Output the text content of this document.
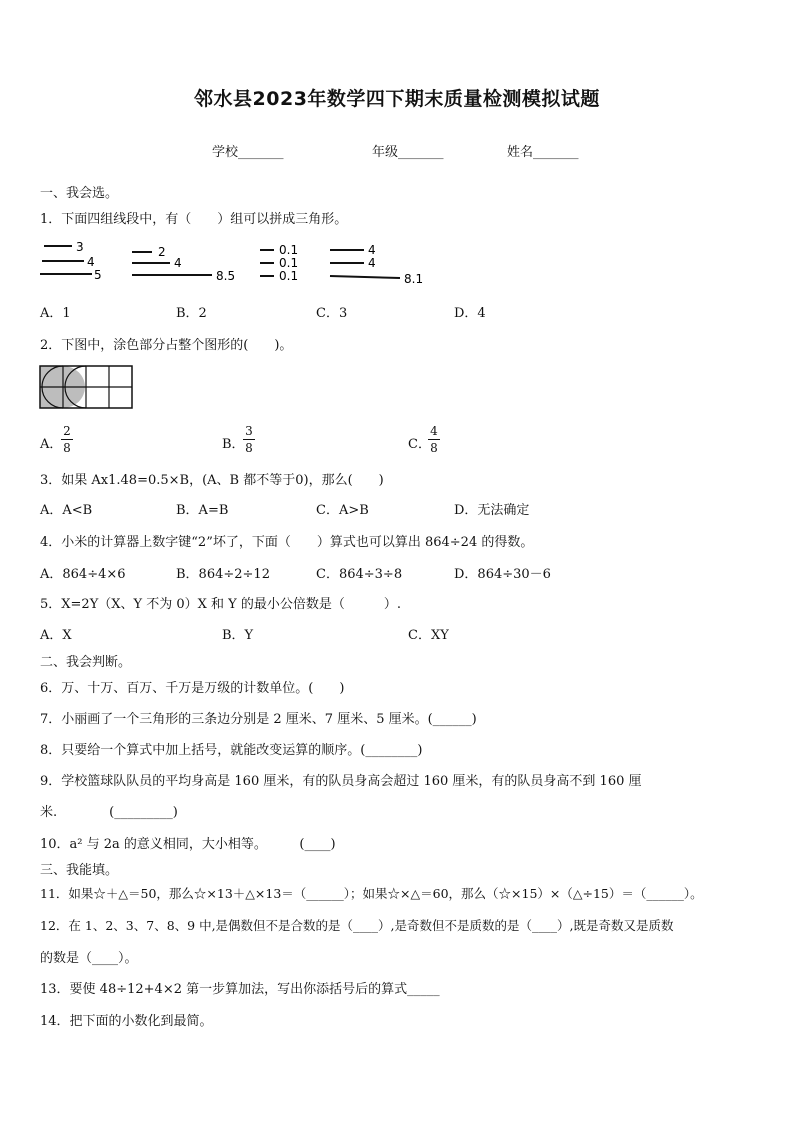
邻水县2023年数学四下期末质量检测模拟试题
学校_______	年级_______	姓名_______
一、我会选。
1．下面四组线段中，有（　　）组可以拼成三角形。
3
4
5
2
4
8.5
0.1
0.1
0.1
4
4
8.1
A．1	B．2	C．3	D．4
2．下图中，涂色部分占整个图形的(　　)。
A．
2
8	B．
3
8	C．
4
8
3．如果 Ax1.48=0.5×B，(A、B 都不等于0)，那么(　　)
A．A<B	B．A=B	C．A>B	D．无法确定
4．小米的计算器上数字键“2”坏了，下面（　　）算式也可以算出 864÷24 的得数。
A．864÷4×6	B．864÷2÷12	C．864÷3÷8	D．864÷30－6
5．X=2Y（X、Y 不为 0）X 和 Y 的最小公倍数是（　　　）.
A．X	B．Y	C．XY
二、我会判断。
6．万、十万、百万、千万是万级的计数单位。(　　)
7．小丽画了一个三角形的三条边分别是 2 厘米、7 厘米、5 厘米。(______)
8．只要给一个算式中加上括号，就能改变运算的顺序。(________)
9．学校篮球队队员的平均身高是 160 厘米，有的队员身高会超过 160 厘米，有的队员身高不到 160 厘
米.　　　　(_________)
10．a² 与 2a 的意义相同，大小相等。　　　(____)
三、我能填。
11．如果☆＋△＝50，那么☆×13＋△×13＝（______）；如果☆×△＝60，那么（☆×15）×（△÷15）＝（______）。
12．在 1、2、3、7、8、9 中,是偶数但不是合数的是（____）,是奇数但不是质数的是（____）,既是奇数又是质数
的数是（____）。
13．要使 48÷12+4×2 第一步算加法，写出你添括号后的算式_____
14．把下面的小数化到最简。
